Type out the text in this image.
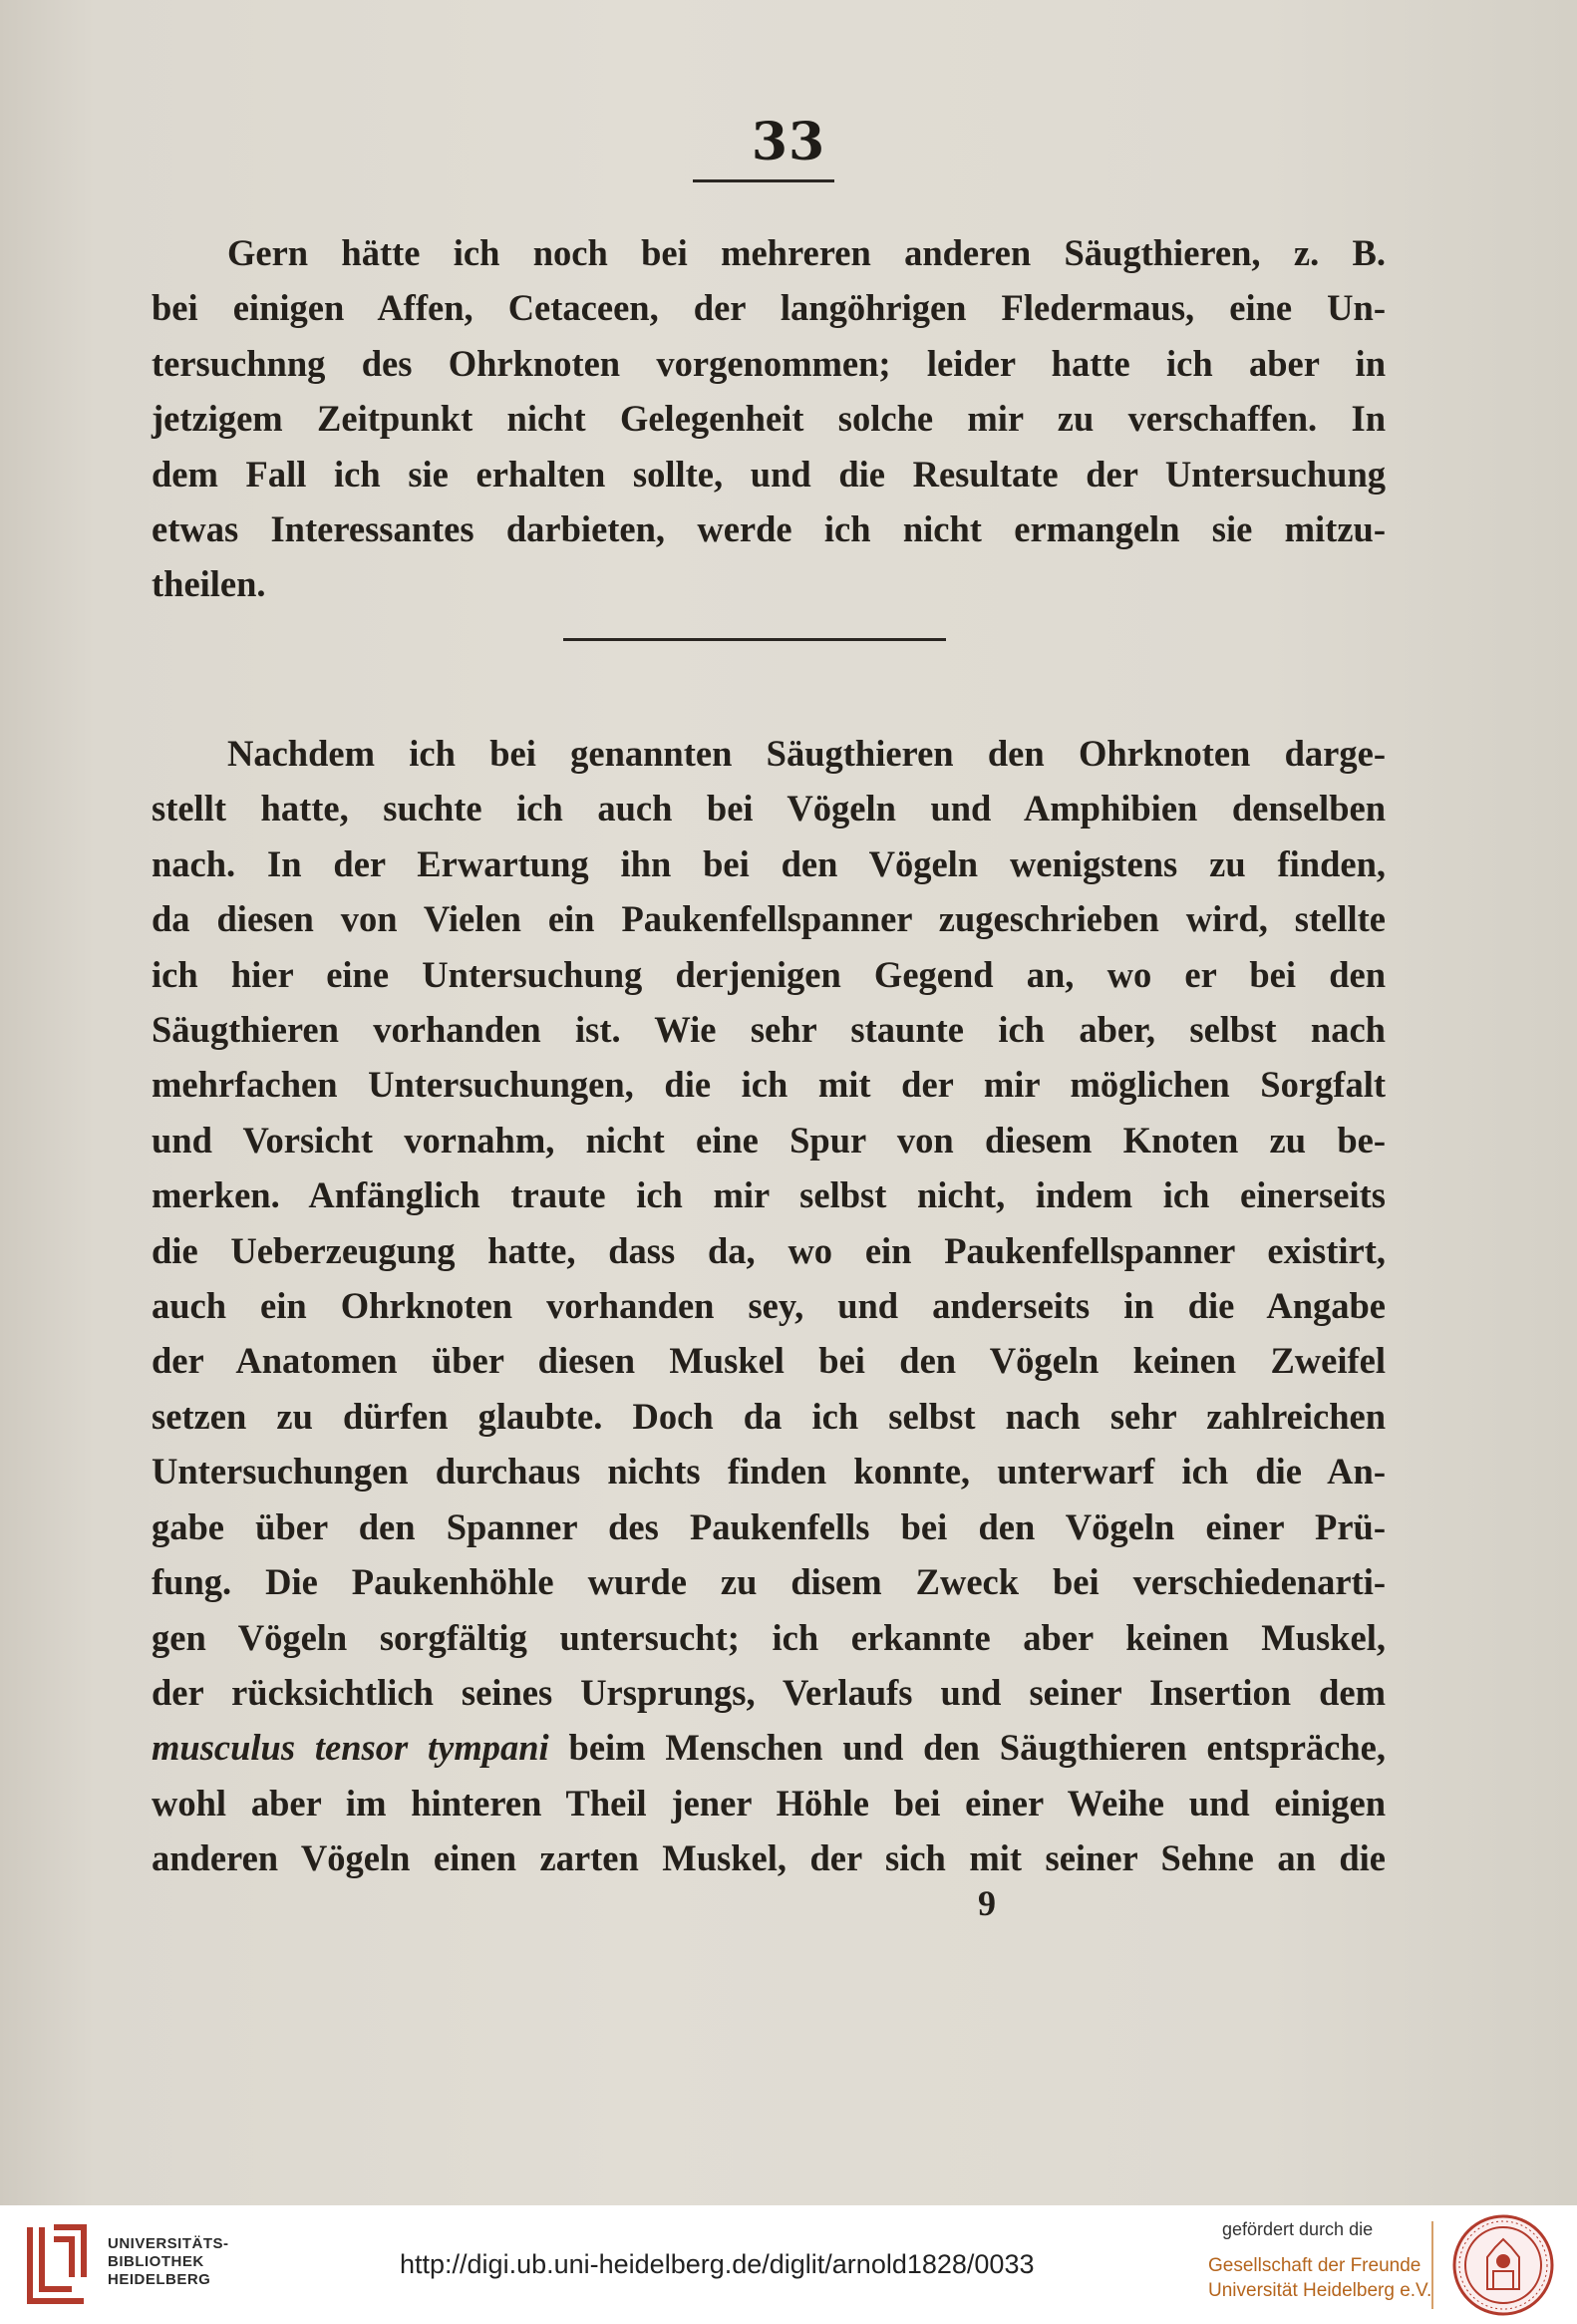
33
Gern hätte ich noch bei mehreren anderen Säugthieren, z. B.
bei einigen Affen, Cetaceen, der langöhrigen Fledermaus, eine Un-
tersuchnng des Ohrknoten vorgenommen; leider hatte ich aber in
jetzigem Zeitpunkt nicht Gelegenheit solche mir zu verschaffen. In
dem Fall ich sie erhalten sollte, und die Resultate der Untersuchung
etwas Interessantes darbieten, werde ich nicht ermangeln sie mitzu-
theilen.
Nachdem ich bei genannten Säugthieren den Ohrknoten darge-
stellt hatte, suchte ich auch bei Vögeln und Amphibien denselben
nach. In der Erwartung ihn bei den Vögeln wenigstens zu finden,
da diesen von Vielen ein Paukenfellspanner zugeschrieben wird, stellte
ich hier eine Untersuchung derjenigen Gegend an, wo er bei den
Säugthieren vorhanden ist. Wie sehr staunte ich aber, selbst nach
mehrfachen Untersuchungen, die ich mit der mir möglichen Sorgfalt
und Vorsicht vornahm, nicht eine Spur von diesem Knoten zu be-
merken. Anfänglich traute ich mir selbst nicht, indem ich einerseits
die Ueberzeugung hatte, dass da, wo ein Paukenfellspanner existirt,
auch ein Ohrknoten vorhanden sey, und anderseits in die Angabe
der Anatomen über diesen Muskel bei den Vögeln keinen Zweifel
setzen zu dürfen glaubte. Doch da ich selbst nach sehr zahlreichen
Untersuchungen durchaus nichts finden konnte, unterwarf ich die An-
gabe über den Spanner des Paukenfells bei den Vögeln einer Prü-
fung. Die Paukenhöhle wurde zu disem Zweck bei verschiedenarti-
gen Vögeln sorgfältig untersucht; ich erkannte aber keinen Muskel,
der rücksichtlich seines Ursprungs, Verlaufs und seiner Insertion dem
musculus tensor tympani beim Menschen und den Säugthieren entspräche,
wohl aber im hinteren Theil jener Höhle bei einer Weihe und einigen
anderen Vögeln einen zarten Muskel, der sich mit seiner Sehne an die
9
UNIVERSITÄTS-
BIBLIOTHEK
HEIDELBERG
http://digi.ub.uni-heidelberg.de/diglit/arnold1828/0033
gefördert durch die
Gesellschaft der Freunde
Universität Heidelberg e.V.
